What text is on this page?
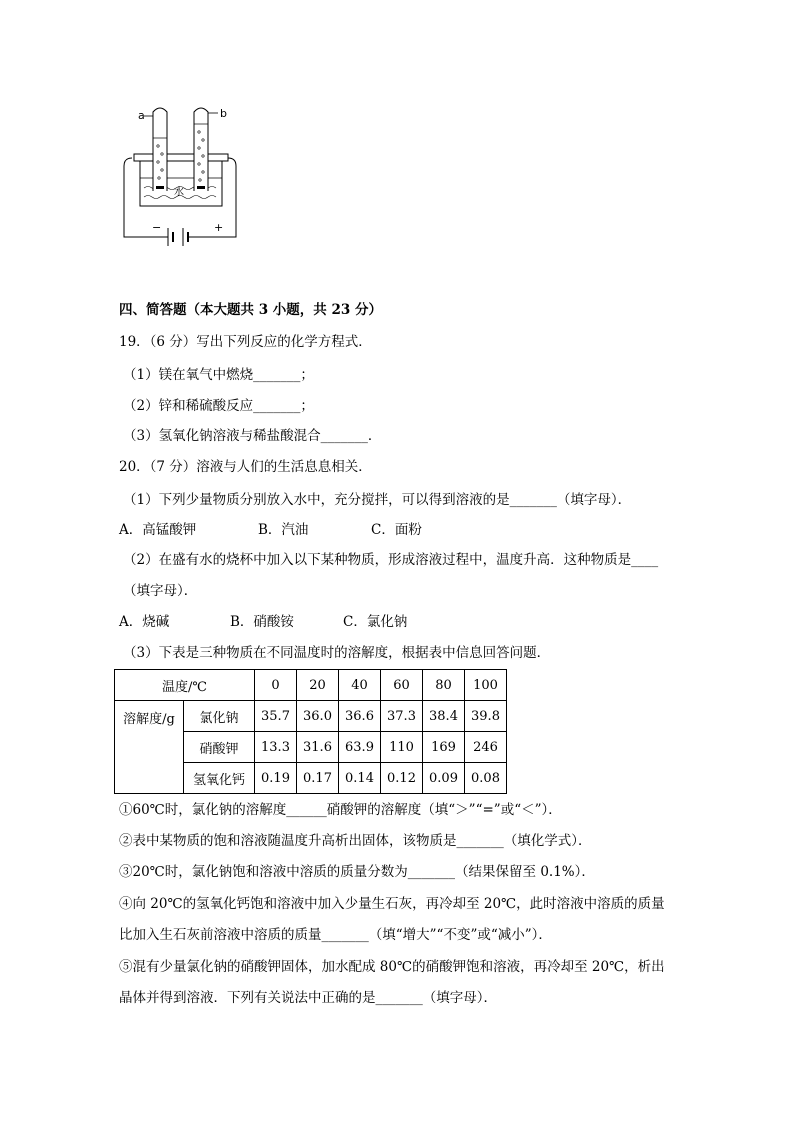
−	+
水
a	b
四、简答题（本大题共 3 小题，共 23 分）
19．（6 分）写出下列反应的化学方程式．
（1）镁在氧气中燃烧_______；
（2）锌和稀硫酸反应_______；
（3）氢氧化钠溶液与稀盐酸混合_______．
20．（7 分）溶液与人们的生活息息相关．
（1）下列少量物质分别放入水中，充分搅拌，可以得到溶液的是_______（填字母）．
A．高锰酸钾	B．汽油	C．面粉
（2）在盛有水的烧杯中加入以下某种物质，形成溶液过程中，温度升高．这种物质是____
（填字母）．
A．烧碱	B．硝酸铵	C．氯化钠
（3）下表是三种物质在不同温度时的溶解度，根据表中信息回答问题．
温度/℃		0	20	40	60	80	100
溶解度/g	氯化钠	35.7	36.0	36.6	37.3	38.4	39.8
	硝酸钾	13.3	31.6	63.9	110	169	246
	氢氧化钙	0.19	0.17	0.14	0.12	0.09	0.08
①60℃时，氯化钠的溶解度______硝酸钾的溶解度（填“＞”“=”或“＜”）．
②表中某物质的饱和溶液随温度升高析出固体，该物质是_______（填化学式）．
③20℃时，氯化钠饱和溶液中溶质的质量分数为_______（结果保留至 0.1%）．
④向 20℃的氢氧化钙饱和溶液中加入少量生石灰，再冷却至 20℃，此时溶液中溶质的质量
比加入生石灰前溶液中溶质的质量_______（填“增大”“不变”或“减小”）．
⑤混有少量氯化钠的硝酸钾固体，加水配成 80℃的硝酸钾饱和溶液，再冷却至 20℃，析出
晶体并得到溶液．下列有关说法中正确的是_______（填字母）．
